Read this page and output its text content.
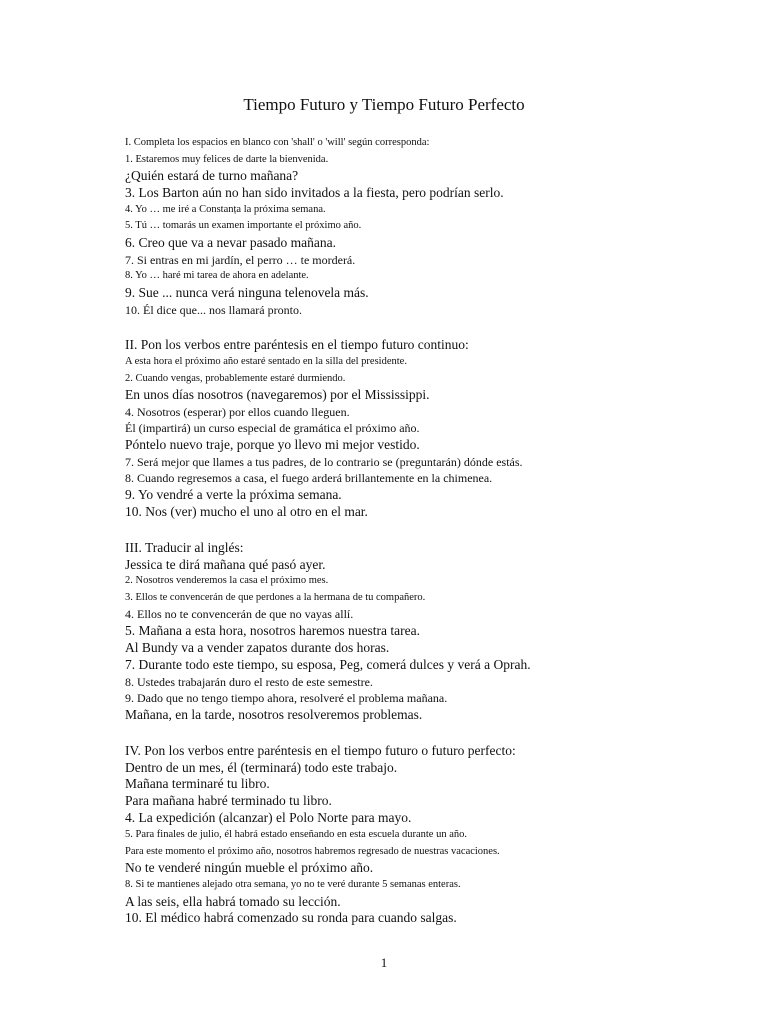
Tiempo Futuro y Tiempo Futuro Perfecto

I. Completa los espacios en blanco con 'shall' o 'will' según corresponda:

1. Estaremos muy felices de darte la bienvenida.

¿Quién estará de turno mañana?

3. Los Barton aún no han sido invitados a la fiesta, pero podrían serlo.

4. Yo … me iré a Constanța la próxima semana.

5. Tú … tomarás un examen importante el próximo año.

6. Creo que va a nevar pasado mañana.

7. Si entras en mi jardín, el perro … te morderá.

8. Yo … haré mi tarea de ahora en adelante.

9. Sue ... nunca verá ninguna telenovela más.

10. Él dice que... nos llamará pronto.

II. Pon los verbos entre paréntesis en el tiempo futuro continuo:

A esta hora el próximo año estaré sentado en la silla del presidente.

2. Cuando vengas, probablemente estaré durmiendo.

En unos días nosotros (navegaremos) por el Mississippi.

4. Nosotros (esperar) por ellos cuando lleguen.

Él (impartirá) un curso especial de gramática el próximo año.

Póntelo nuevo traje, porque yo llevo mi mejor vestido.

7. Será mejor que llames a tus padres, de lo contrario se (preguntarán) dónde estás.

8. Cuando regresemos a casa, el fuego arderá brillantemente en la chimenea.

9. Yo vendré a verte la próxima semana.

10. Nos (ver) mucho el uno al otro en el mar.

III. Traducir al inglés:

Jessica te dirá mañana qué pasó ayer.

2. Nosotros venderemos la casa el próximo mes.

3. Ellos te convencerán de que perdones a la hermana de tu compañero.

4. Ellos no te convencerán de que no vayas allí.

5. Mañana a esta hora, nosotros haremos nuestra tarea.

Al Bundy va a vender zapatos durante dos horas.

7. Durante todo este tiempo, su esposa, Peg, comerá dulces y verá a Oprah.

8. Ustedes trabajarán duro el resto de este semestre.

9. Dado que no tengo tiempo ahora, resolveré el problema mañana.

Mañana, en la tarde, nosotros resolveremos problemas.

IV. Pon los verbos entre paréntesis en el tiempo futuro o futuro perfecto:

Dentro de un mes, él (terminará) todo este trabajo.

Mañana terminaré tu libro.

Para mañana habré terminado tu libro.

4. La expedición (alcanzar) el Polo Norte para mayo.

5. Para finales de julio, él habrá estado enseñando en esta escuela durante un año.

Para este momento el próximo año, nosotros habremos regresado de nuestras vacaciones.

No te venderé ningún mueble el próximo año.

8. Si te mantienes alejado otra semana, yo no te veré durante 5 semanas enteras.

A las seis, ella habrá tomado su lección.

10. El médico habrá comenzado su ronda para cuando salgas.

1
